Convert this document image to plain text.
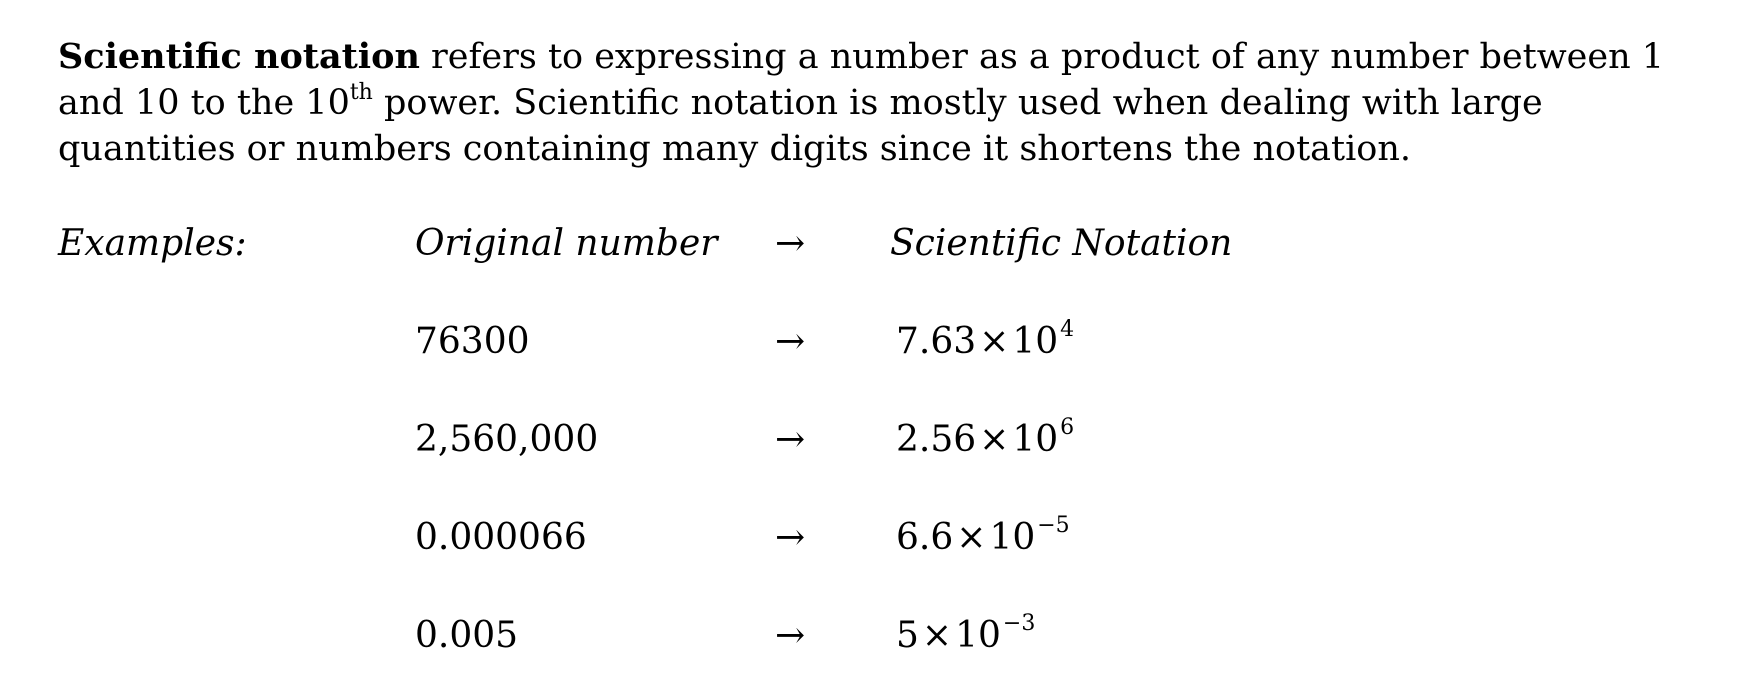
Scientific notation refers to expressing a number as a product of any number between 1 and 10 to the 10th power. Scientific notation is mostly used when dealing with large quantities or numbers containing many digits since it shortens the notation.

Examples:	Original number → Scientific Notation
76300	→	$7.63\times 10^4$
2,560,000	→	$2.56\times 10^6$
0.000066	→	$6.6\times 10^{-5}$
0.005	→	$5\times 10^{-3}$
